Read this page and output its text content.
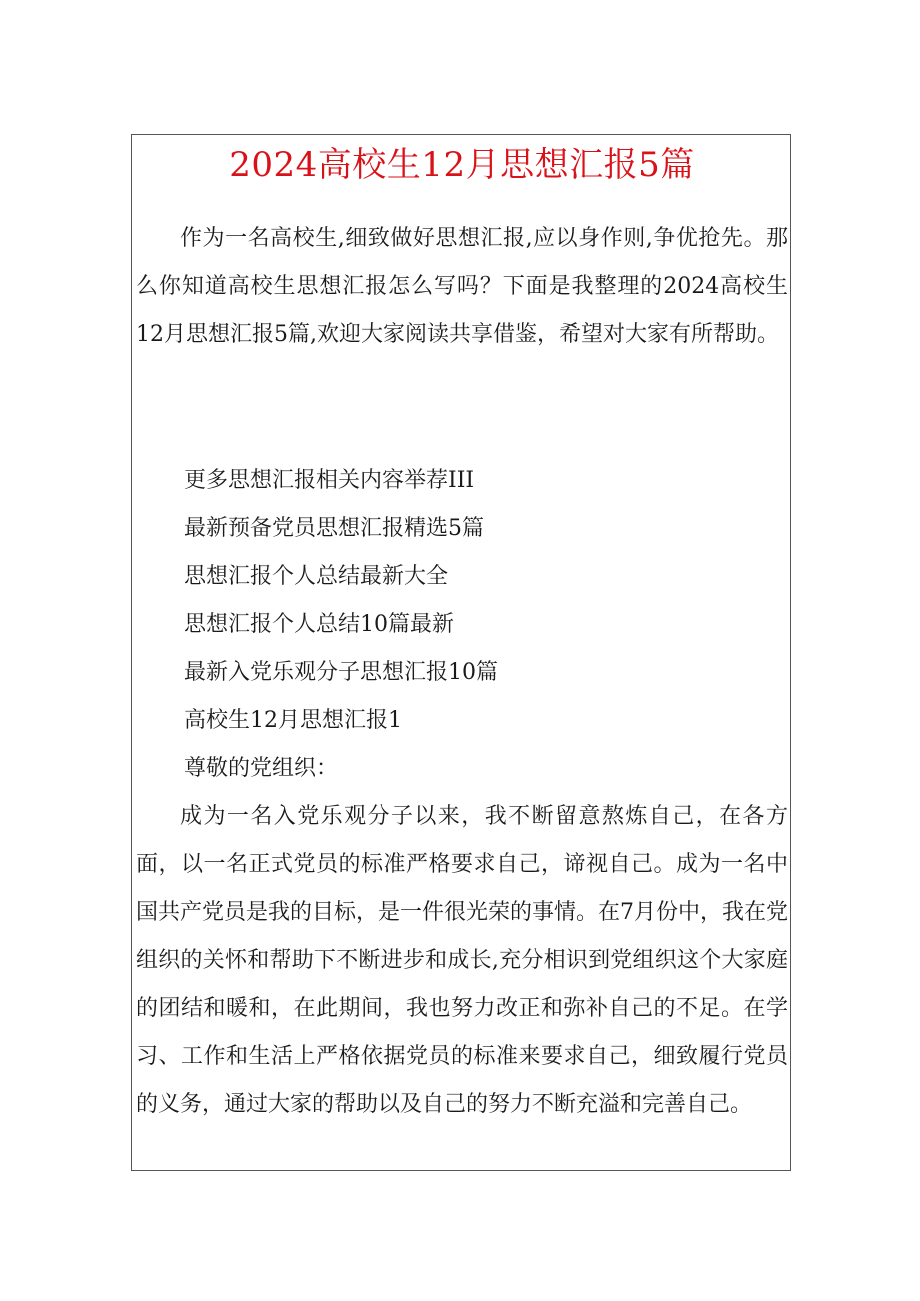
2024高校生12月思想汇报5篇
作为一名高校生,细致做好思想汇报,应以身作则,争优抢先。那么你知道高校生思想汇报怎么写吗？下面是我整理的2024高校生12月思想汇报5篇,欢迎大家阅读共享借鉴，希望对大家有所帮助。
更多思想汇报相关内容举荐III
最新预备党员思想汇报精选5篇
思想汇报个人总结最新大全
思想汇报个人总结10篇最新
最新入党乐观分子思想汇报10篇
高校生12月思想汇报1
尊敬的党组织：
成为一名入党乐观分子以来，我不断留意熬炼自己，在各方面，以一名正式党员的标准严格要求自己，谛视自己。成为一名中国共产党员是我的目标，是一件很光荣的事情。在7月份中，我在党组织的关怀和帮助下不断进步和成长,充分相识到党组织这个大家庭的团结和暖和，在此期间，我也努力改正和弥补自己的不足。在学习、工作和生活上严格依据党员的标准来要求自己，细致履行党员的义务，通过大家的帮助以及自己的努力不断充溢和完善自己。
